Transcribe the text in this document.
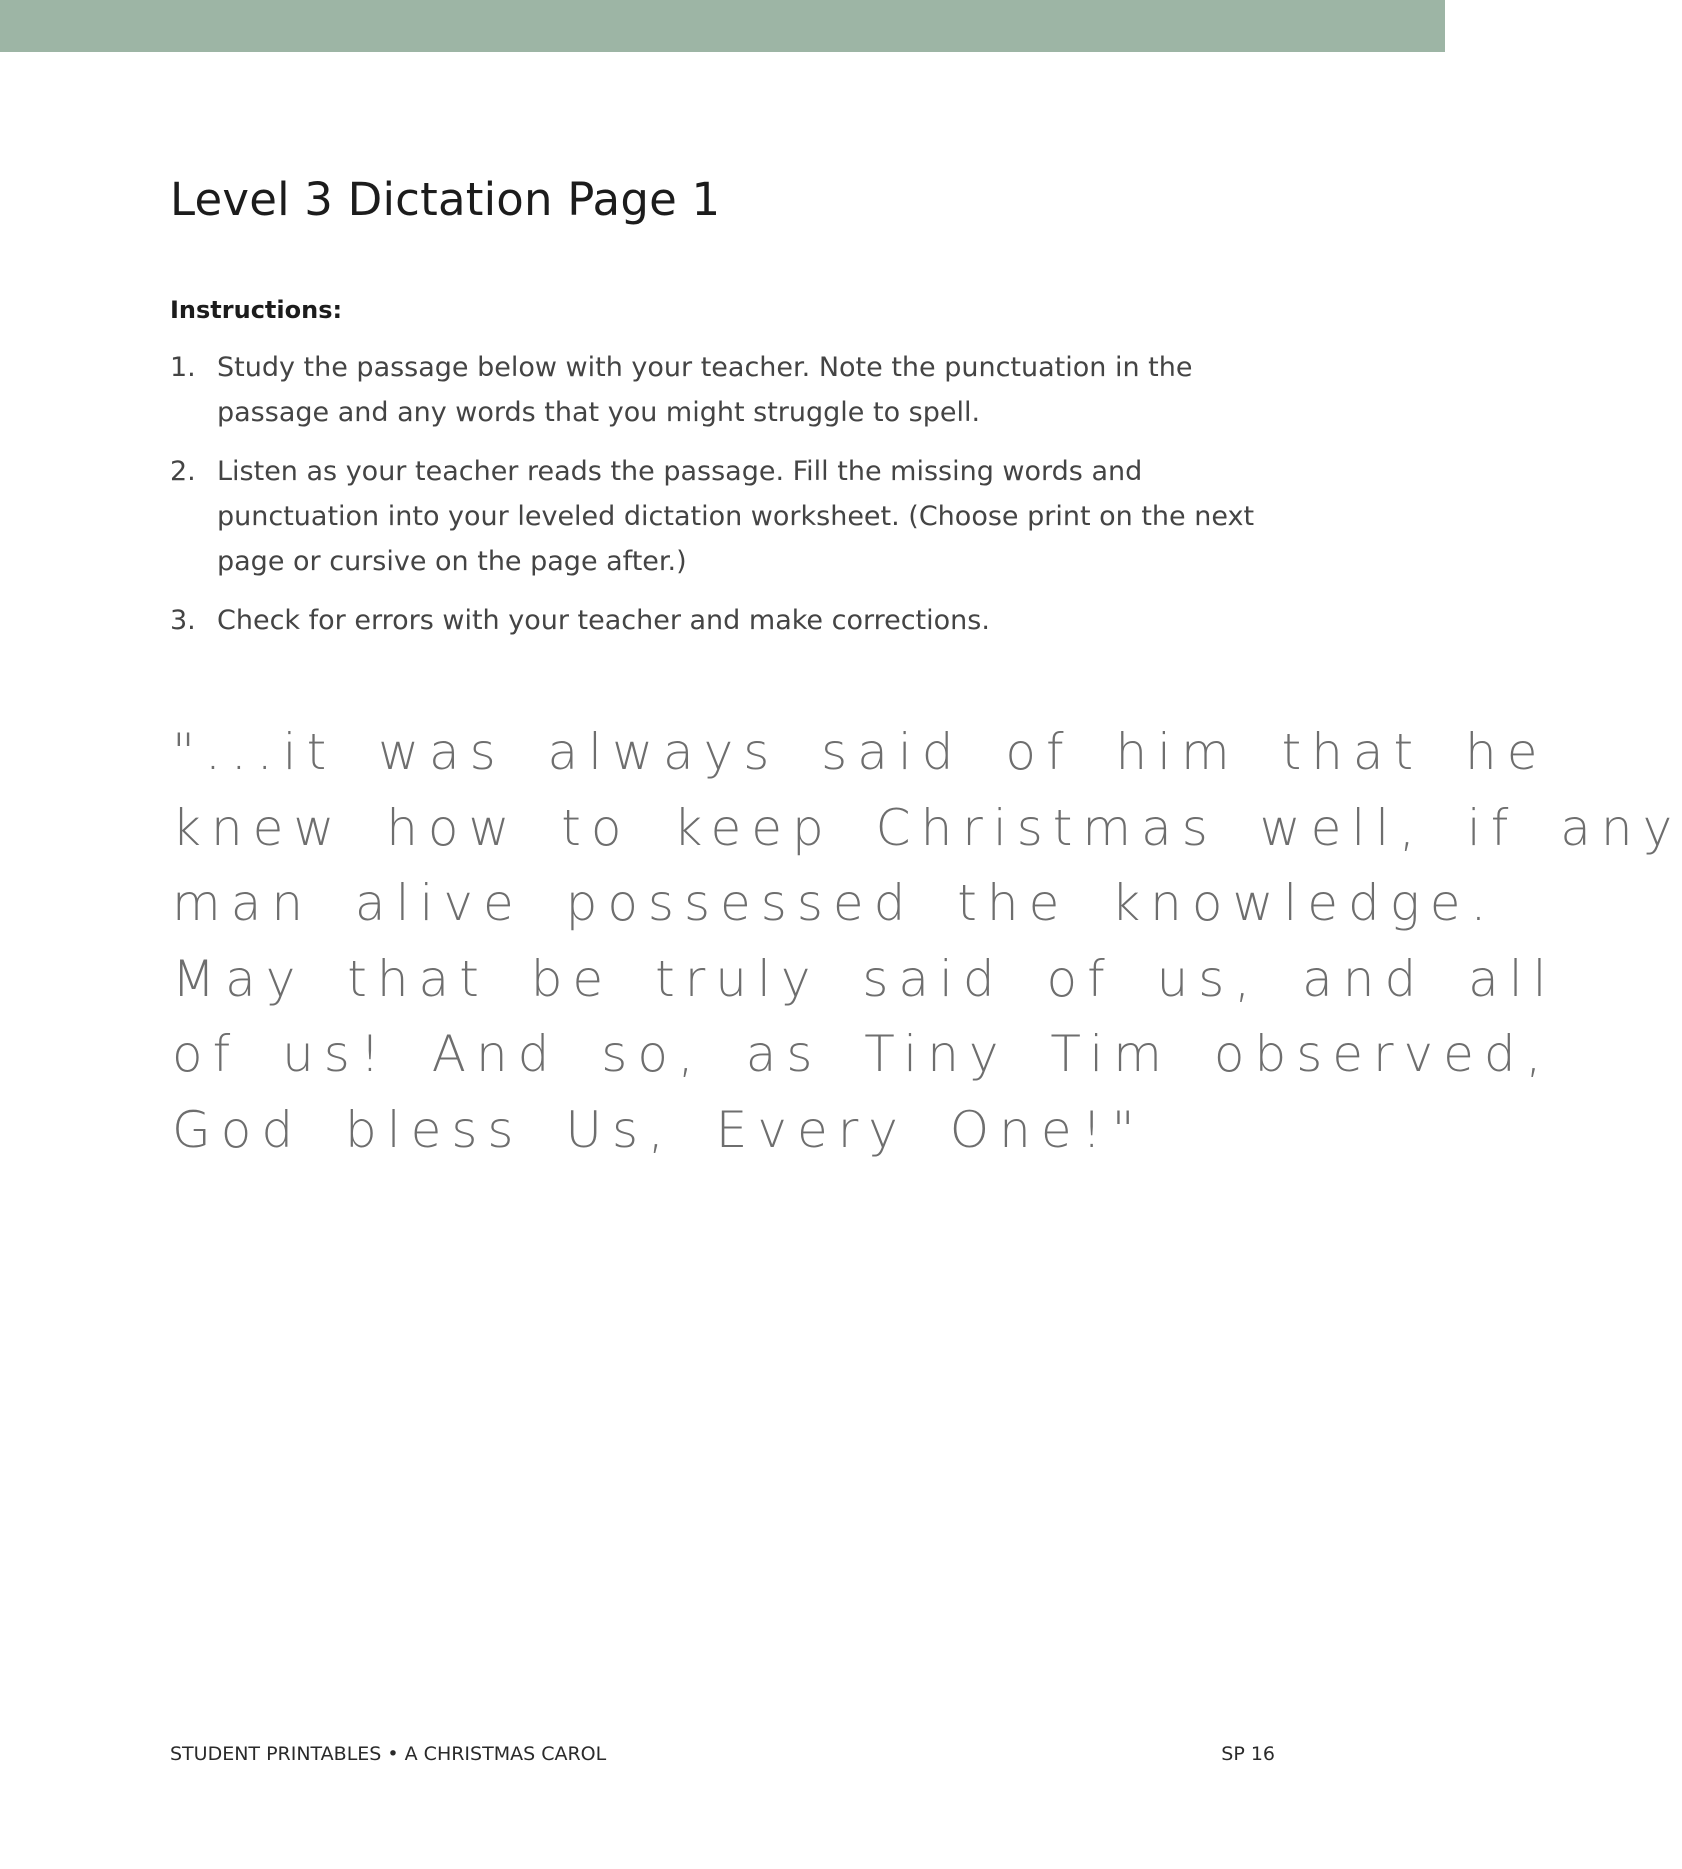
Level 3 Dictation Page 1
Instructions:
1. Study the passage below with your teacher. Note the punctuation in the passage and any words that you might struggle to spell.
2. Listen as your teacher reads the passage. Fill the missing words and punctuation into your leveled dictation worksheet. (Choose print on the next page or cursive on the page after.)
3. Check for errors with your teacher and make corrections.
"...it was always said of him that he
knew how to keep Christmas well, if any
man alive possessed the knowledge.
May that be truly said of us, and all
of us! And so, as Tiny Tim observed,
God bless Us, Every One!"
STUDENT PRINTABLES • A CHRISTMAS CAROL	SP 16
